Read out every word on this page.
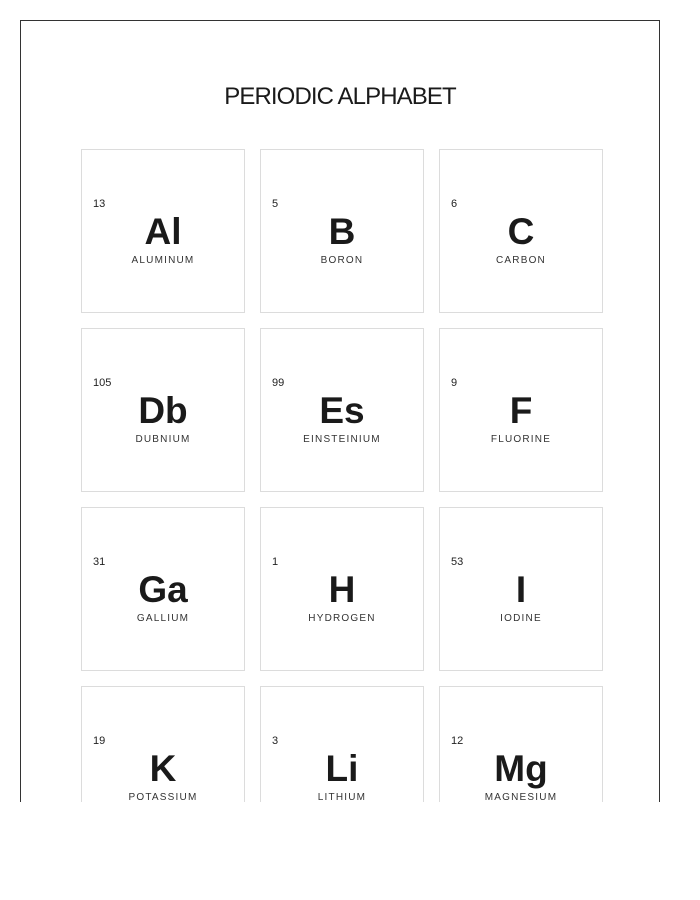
PERIODIC ALPHABET
13
Al
ALUMINUM
5
B
BORON
6
C
CARBON
105
Db
DUBNIUM
99
Es
EINSTEINIUM
9
F
FLUORINE
31
Ga
GALLIUM
1
H
HYDROGEN
53
I
IODINE
19
K
POTASSIUM
3
Li
LITHIUM
12
Mg
MAGNESIUM
